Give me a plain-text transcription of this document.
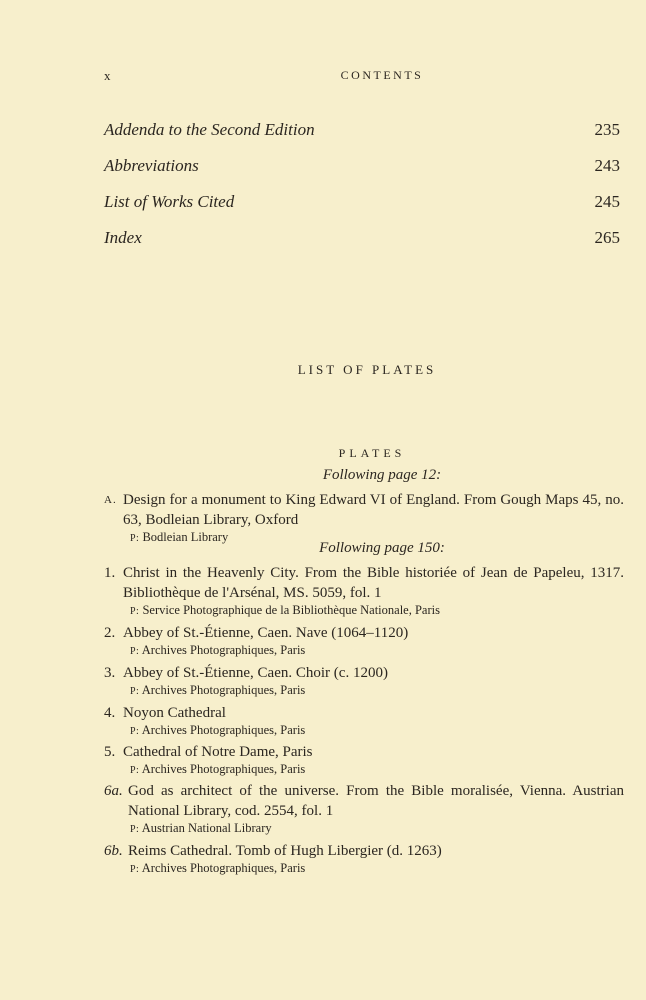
x	CONTENTS
Addenda to the Second Edition	235
Abbreviations	243
List of Works Cited	245
Index	265
LIST OF PLATES
PLATES
Following page 12:
A. Design for a monument to King Edward VI of England. From Gough Maps 45, no. 63, Bodleian Library, Oxford
P: Bodleian Library
Following page 150:
1. Christ in the Heavenly City. From the Bible historiée of Jean de Papeleu, 1317. Bibliothèque de l'Arsénal, MS. 5059, fol. 1
P: Service Photographique de la Bibliothèque Nationale, Paris
2. Abbey of St.-Étienne, Caen. Nave (1064–1120)
P: Archives Photographiques, Paris
3. Abbey of St.-Étienne, Caen. Choir (c. 1200)
P: Archives Photographiques, Paris
4. Noyon Cathedral
P: Archives Photographiques, Paris
5. Cathedral of Notre Dame, Paris
P: Archives Photographiques, Paris
6a. God as architect of the universe. From the Bible moralisée, Vienna. Austrian National Library, cod. 2554, fol. 1
P: Austrian National Library
6b. Reims Cathedral. Tomb of Hugh Libergier (d. 1263)
P: Archives Photographiques, Paris
